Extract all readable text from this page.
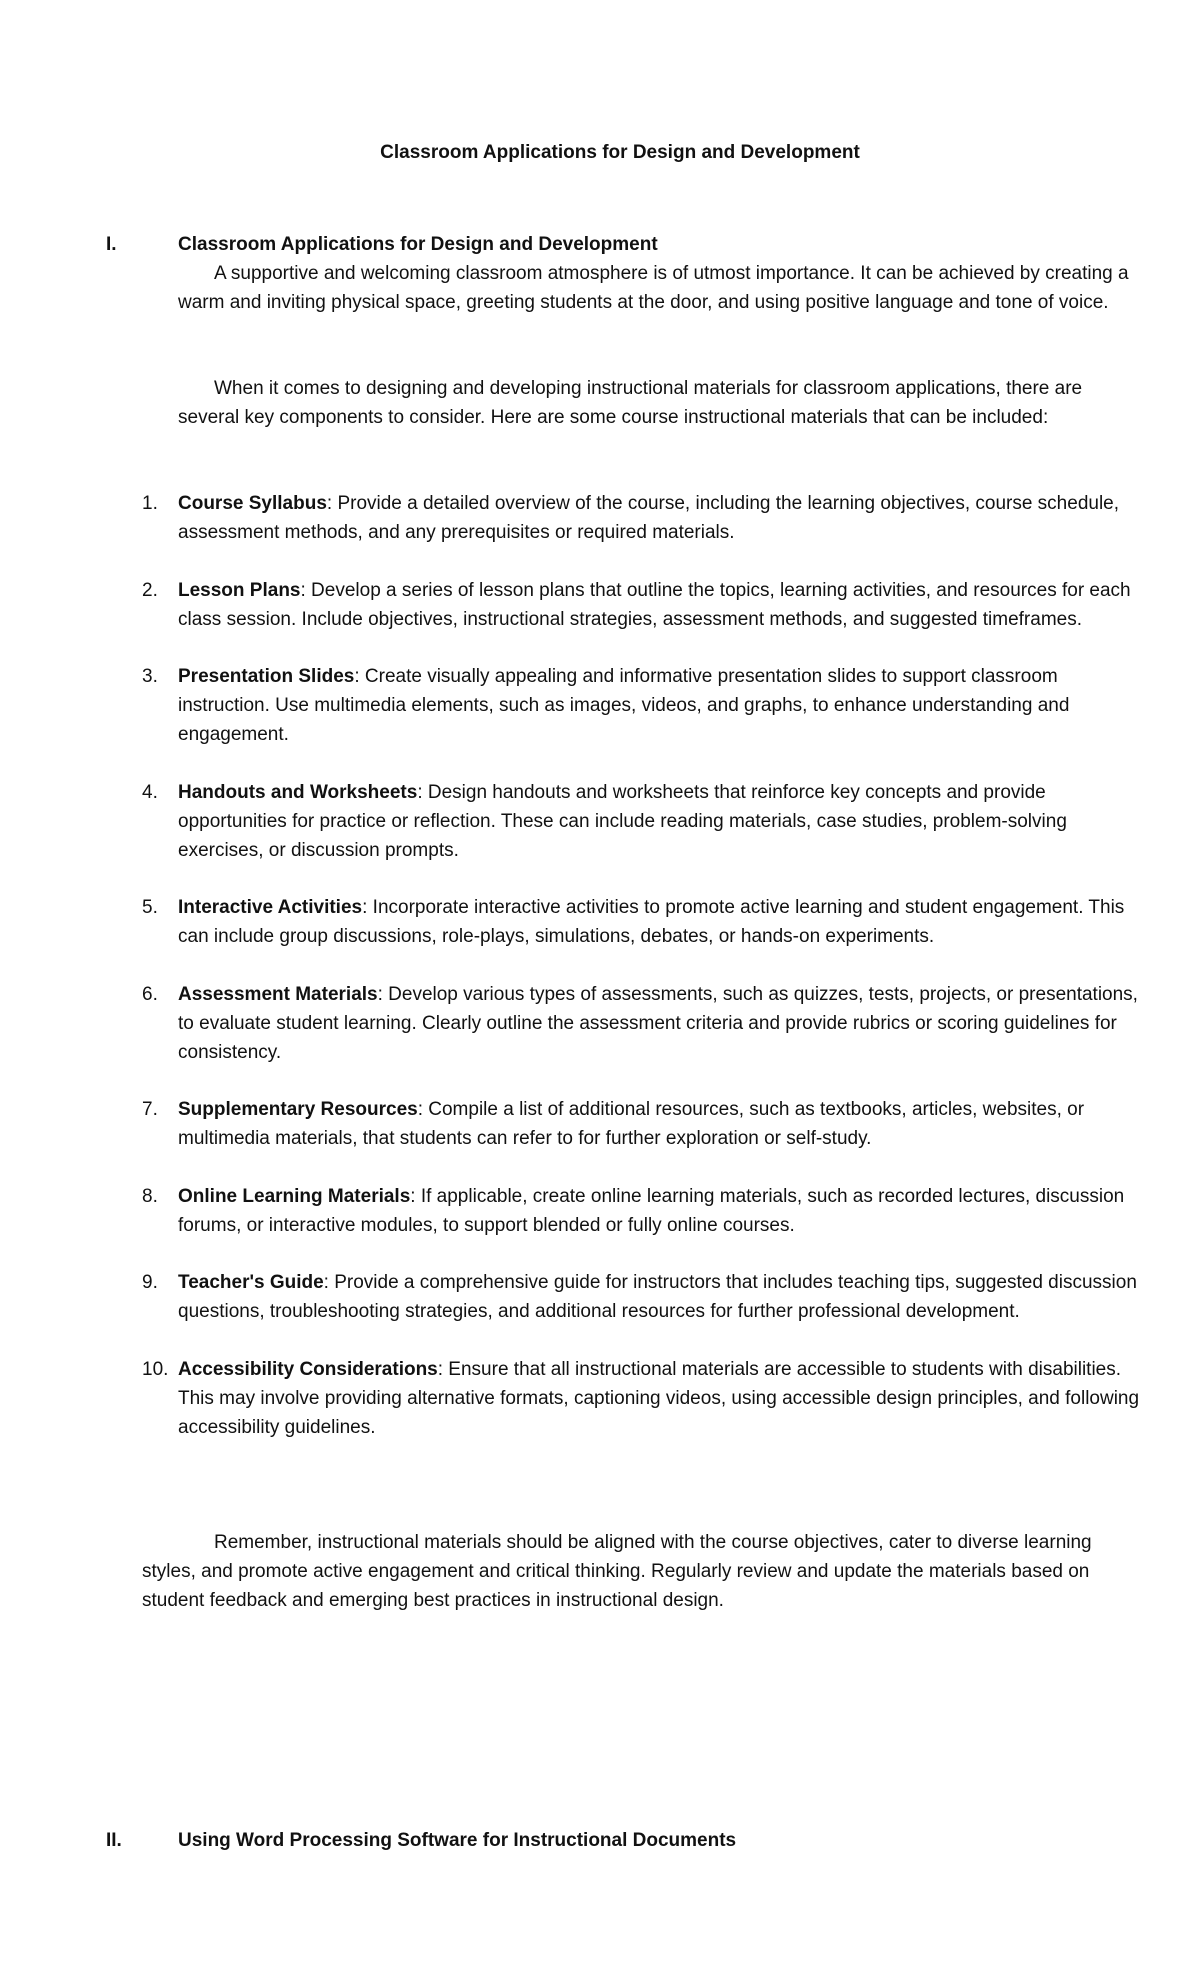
Classroom Applications for Design and Development
I.	Classroom Applications for Design and Development

A supportive and welcoming classroom atmosphere is of utmost importance. It can be achieved by creating a warm and inviting physical space, greeting students at the door, and using positive language and tone of voice.

When it comes to designing and developing instructional materials for classroom applications, there are several key components to consider. Here are some course instructional materials that can be included:

1. Course Syllabus: Provide a detailed overview of the course, including the learning objectives, course schedule, assessment methods, and any prerequisites or required materials.
2. Lesson Plans: Develop a series of lesson plans that outline the topics, learning activities, and resources for each class session. Include objectives, instructional strategies, assessment methods, and suggested timeframes.
3. Presentation Slides: Create visually appealing and informative presentation slides to support classroom instruction. Use multimedia elements, such as images, videos, and graphs, to enhance understanding and engagement.
4. Handouts and Worksheets: Design handouts and worksheets that reinforce key concepts and provide opportunities for practice or reflection. These can include reading materials, case studies, problem-solving exercises, or discussion prompts.
5. Interactive Activities: Incorporate interactive activities to promote active learning and student engagement. This can include group discussions, role-plays, simulations, debates, or hands-on experiments.
6. Assessment Materials: Develop various types of assessments, such as quizzes, tests, projects, or presentations, to evaluate student learning. Clearly outline the assessment criteria and provide rubrics or scoring guidelines for consistency.
7. Supplementary Resources: Compile a list of additional resources, such as textbooks, articles, websites, or multimedia materials, that students can refer to for further exploration or self-study.
8. Online Learning Materials: If applicable, create online learning materials, such as recorded lectures, discussion forums, or interactive modules, to support blended or fully online courses.
9. Teacher's Guide: Provide a comprehensive guide for instructors that includes teaching tips, suggested discussion questions, troubleshooting strategies, and additional resources for further professional development.
10. Accessibility Considerations: Ensure that all instructional materials are accessible to students with disabilities. This may involve providing alternative formats, captioning videos, using accessible design principles, and following accessibility guidelines.

Remember, instructional materials should be aligned with the course objectives, cater to diverse learning styles, and promote active engagement and critical thinking. Regularly review and update the materials based on student feedback and emerging best practices in instructional design.

II.	Using Word Processing Software for Instructional Documents
